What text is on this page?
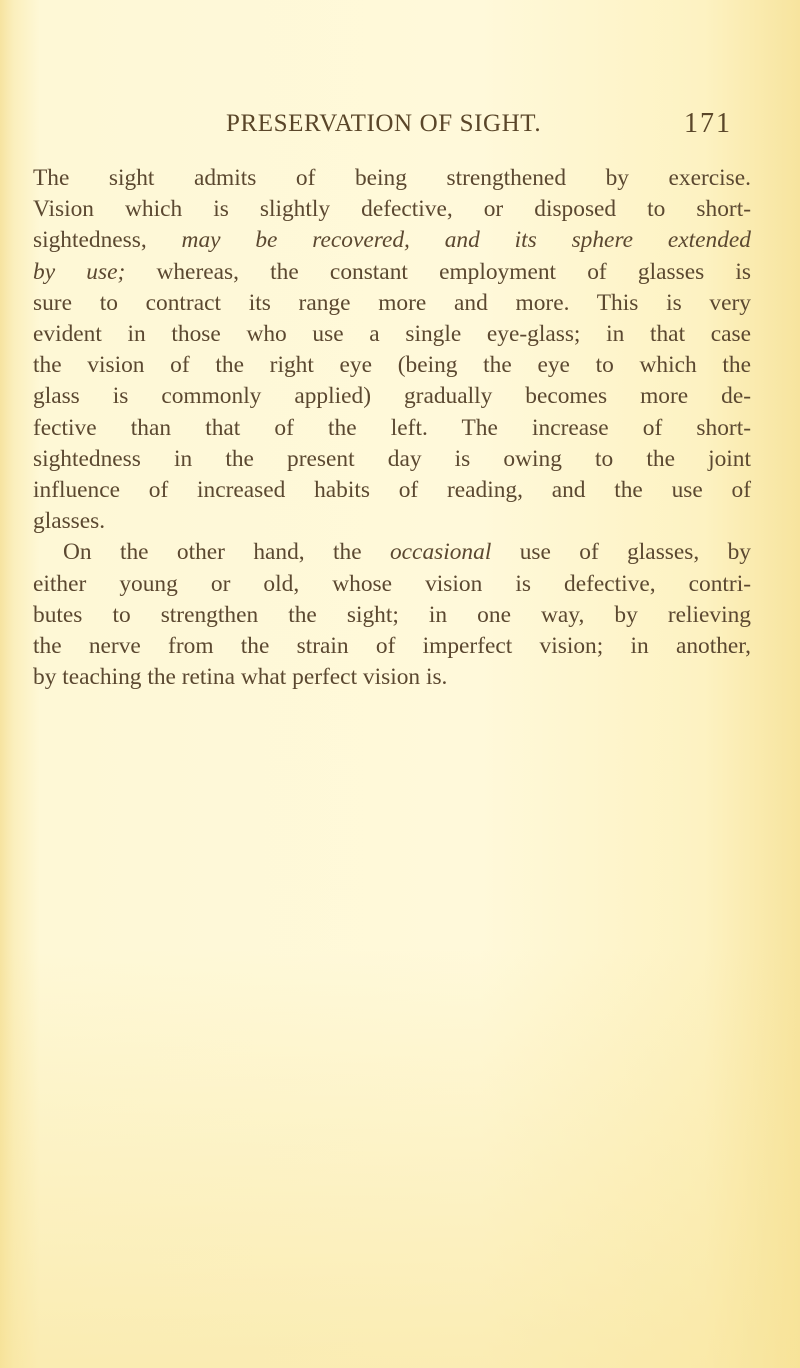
PRESERVATION OF SIGHT.	171

The sight admits of being strengthened by exercise.
Vision which is slightly defective, or disposed to short-
sightedness, may be recovered, and its sphere extended
by use; whereas, the constant employment of glasses is
sure to contract its range more and more. This is very
evident in those who use a single eye-glass; in that case
the vision of the right eye (being the eye to which the
glass is commonly applied) gradually becomes more de-
fective than that of the left. The increase of short-
sightedness in the present day is owing to the joint
influence of increased habits of reading, and the use of
glasses.

On the other hand, the occasional use of glasses, by
either young or old, whose vision is defective, contri-
butes to strengthen the sight; in one way, by relieving
the nerve from the strain of imperfect vision; in another,
by teaching the retina what perfect vision is.
